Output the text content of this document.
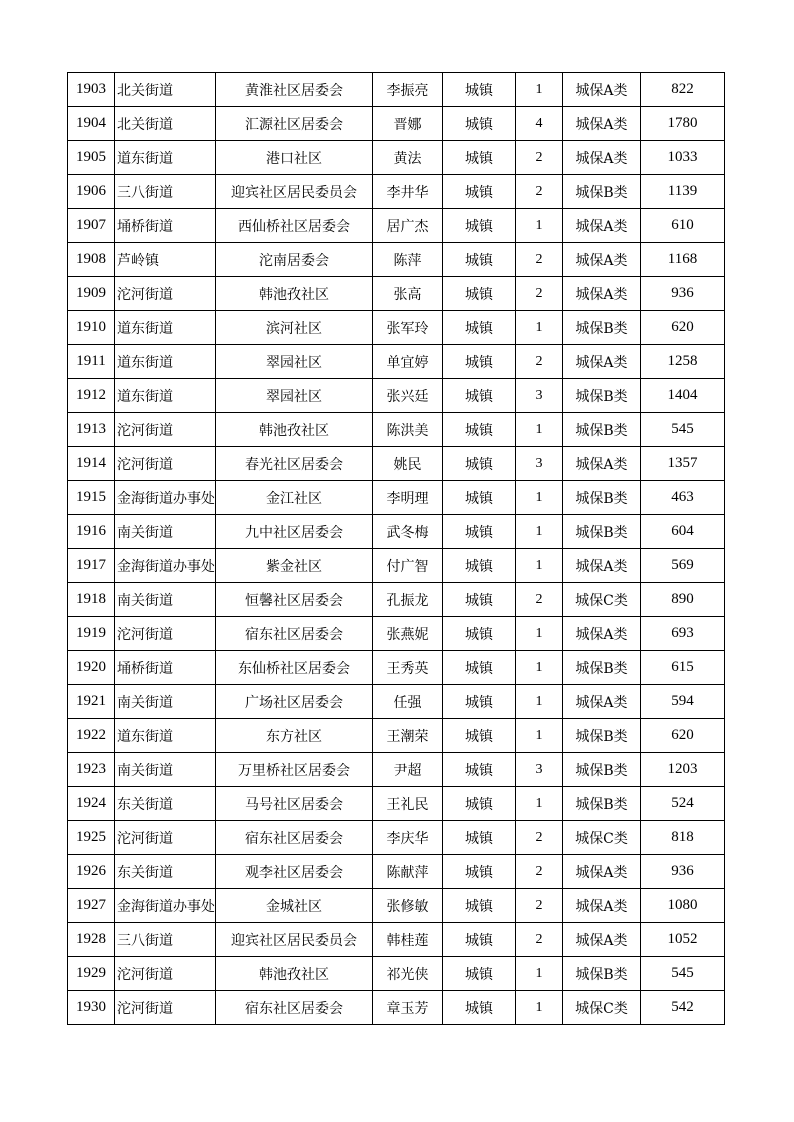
1903	北关街道	黄淮社区居委会	李振亮	城镇	1	城保A类	822
1904	北关街道	汇源社区居委会	晋娜	城镇	4	城保A类	1780
1905	道东街道	港口社区	黄法	城镇	2	城保A类	1033
1906	三八街道	迎宾社区居民委员会	李井华	城镇	2	城保B类	1139
1907	埇桥街道	西仙桥社区居委会	居广杰	城镇	1	城保A类	610
1908	芦岭镇	沱南居委会	陈萍	城镇	2	城保A类	1168
1909	沱河街道	韩池孜社区	张高	城镇	2	城保A类	936
1910	道东街道	滨河社区	张军玲	城镇	1	城保B类	620
1911	道东街道	翠园社区	单宜婷	城镇	2	城保A类	1258
1912	道东街道	翠园社区	张兴廷	城镇	3	城保B类	1404
1913	沱河街道	韩池孜社区	陈洪美	城镇	1	城保B类	545
1914	沱河街道	春光社区居委会	姚民	城镇	3	城保A类	1357
1915	金海街道办事处	金江社区	李明理	城镇	1	城保B类	463
1916	南关街道	九中社区居委会	武冬梅	城镇	1	城保B类	604
1917	金海街道办事处	紫金社区	付广智	城镇	1	城保A类	569
1918	南关街道	恒馨社区居委会	孔振龙	城镇	2	城保C类	890
1919	沱河街道	宿东社区居委会	张燕妮	城镇	1	城保A类	693
1920	埇桥街道	东仙桥社区居委会	王秀英	城镇	1	城保B类	615
1921	南关街道	广场社区居委会	任强	城镇	1	城保A类	594
1922	道东街道	东方社区	王潮荣	城镇	1	城保B类	620
1923	南关街道	万里桥社区居委会	尹超	城镇	3	城保B类	1203
1924	东关街道	马号社区居委会	王礼民	城镇	1	城保B类	524
1925	沱河街道	宿东社区居委会	李庆华	城镇	2	城保C类	818
1926	东关街道	观李社区居委会	陈献萍	城镇	2	城保A类	936
1927	金海街道办事处	金城社区	张修敏	城镇	2	城保A类	1080
1928	三八街道	迎宾社区居民委员会	韩桂莲	城镇	2	城保A类	1052
1929	沱河街道	韩池孜社区	祁光侠	城镇	1	城保B类	545
1930	沱河街道	宿东社区居委会	章玉芳	城镇	1	城保C类	542
